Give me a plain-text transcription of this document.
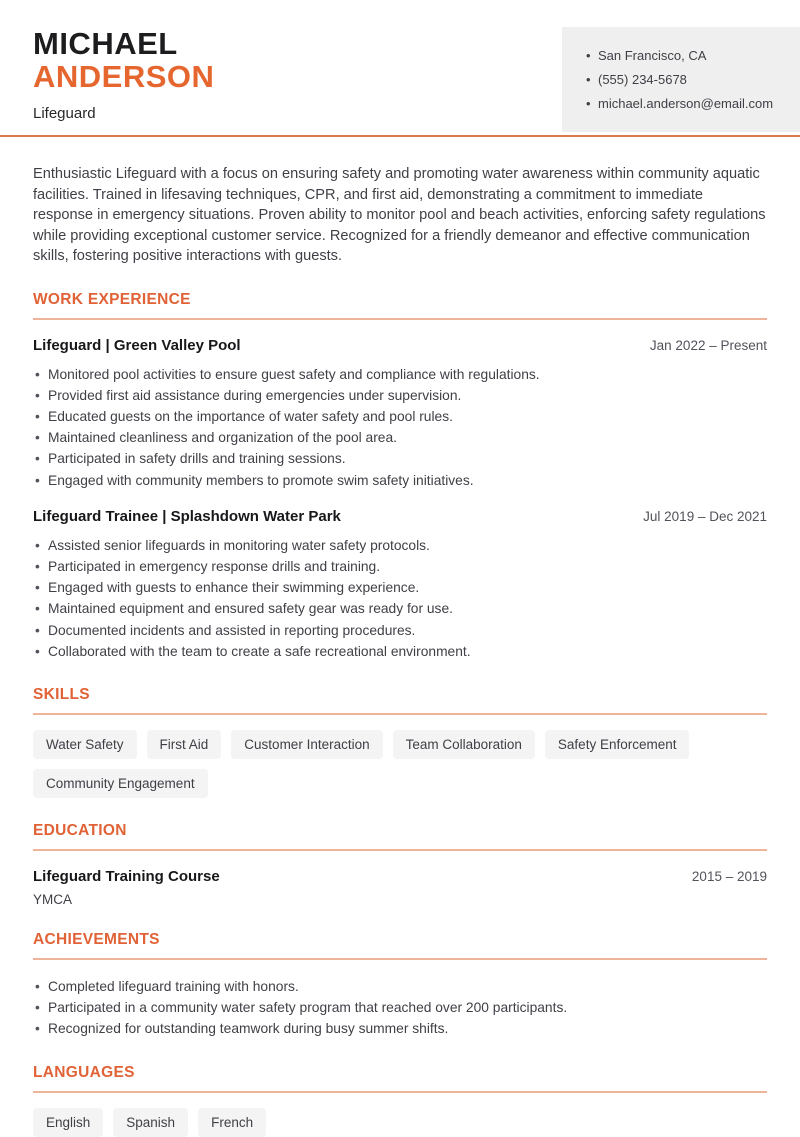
MICHAEL
ANDERSON
Lifeguard
• San Francisco, CA
• (555) 234-5678
• michael.anderson@email.com

Enthusiastic Lifeguard with a focus on ensuring safety and promoting water awareness within community aquatic facilities. Trained in lifesaving techniques, CPR, and first aid, demonstrating a commitment to immediate response in emergency situations. Proven ability to monitor pool and beach activities, enforcing safety regulations while providing exceptional customer service. Recognized for a friendly demeanor and effective communication skills, fostering positive interactions with guests.

WORK EXPERIENCE
Lifeguard | Green Valley Pool	Jan 2022 – Present
• Monitored pool activities to ensure guest safety and compliance with regulations.
• Provided first aid assistance during emergencies under supervision.
• Educated guests on the importance of water safety and pool rules.
• Maintained cleanliness and organization of the pool area.
• Participated in safety drills and training sessions.
• Engaged with community members to promote swim safety initiatives.
Lifeguard Trainee | Splashdown Water Park	Jul 2019 – Dec 2021
• Assisted senior lifeguards in monitoring water safety protocols.
• Participated in emergency response drills and training.
• Engaged with guests to enhance their swimming experience.
• Maintained equipment and ensured safety gear was ready for use.
• Documented incidents and assisted in reporting procedures.
• Collaborated with the team to create a safe recreational environment.
SKILLS
Water Safety	First Aid	Customer Interaction	Team Collaboration	Safety Enforcement
Community Engagement
EDUCATION
Lifeguard Training Course	2015 – 2019
YMCA
ACHIEVEMENTS
• Completed lifeguard training with honors.
• Participated in a community water safety program that reached over 200 participants.
• Recognized for outstanding teamwork during busy summer shifts.
LANGUAGES
English	Spanish	French
